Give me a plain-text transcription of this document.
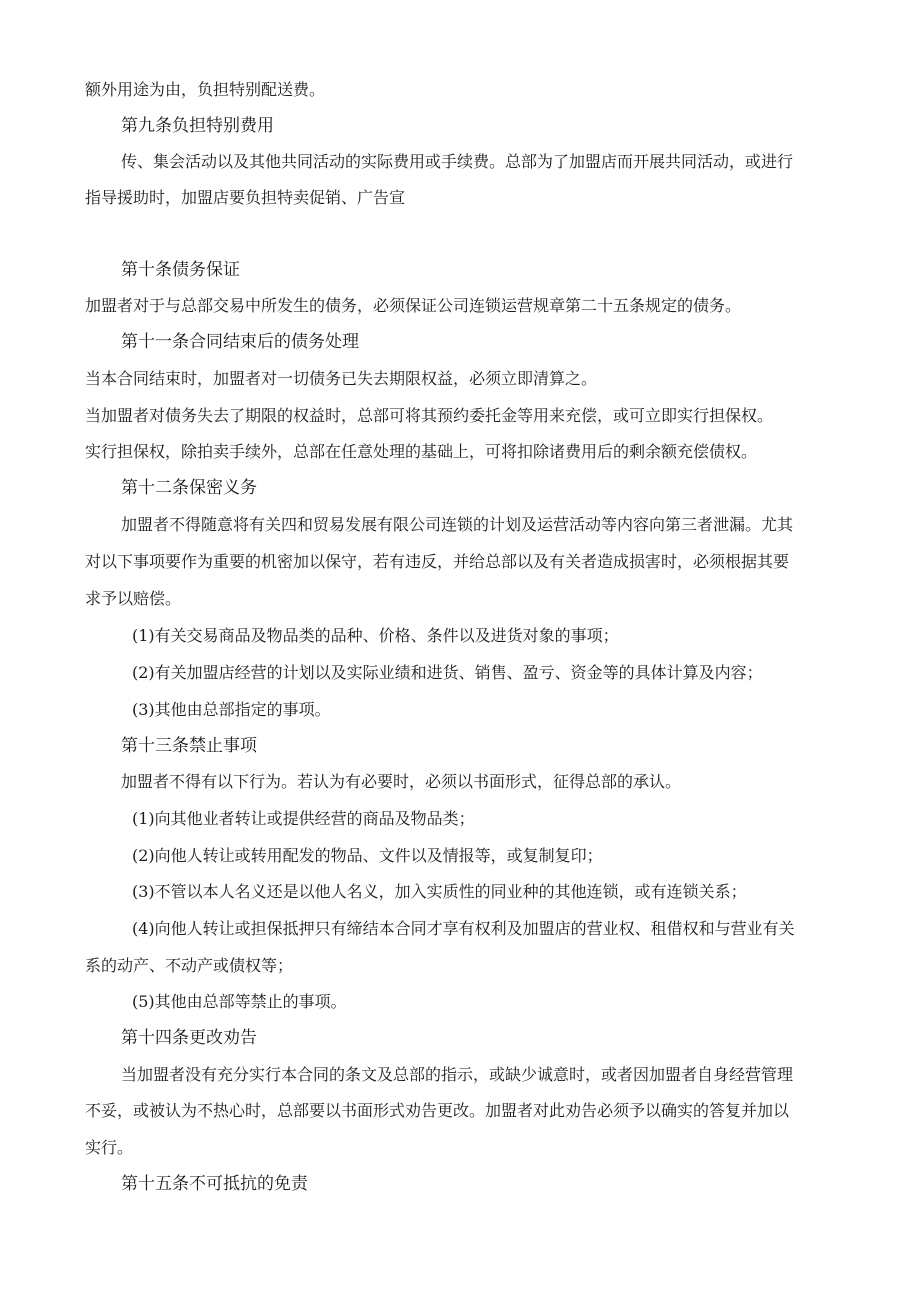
额外用途为由，负担特别配送费。

第九条负担特别费用

传、集会活动以及其他共同活动的实际费用或手续费。总部为了加盟店而开展共同活动，或进行

指导援助时，加盟店要负担特卖促销、广告宣

第十条债务保证

加盟者对于与总部交易中所发生的债务，必须保证公司连锁运营规章第二十五条规定的债务。

第十一条合同结束后的债务处理

当本合同结束时，加盟者对一切债务已失去期限权益，必须立即清算之。

当加盟者对债务失去了期限的权益时，总部可将其预约委托金等用来充偿，或可立即实行担保权。

实行担保权，除拍卖手续外，总部在任意处理的基础上，可将扣除诸费用后的剩余额充偿债权。

第十二条保密义务

加盟者不得随意将有关四和贸易发展有限公司连锁的计划及运营活动等内容向第三者泄漏。尤其

对以下事项要作为重要的机密加以保守，若有违反，并给总部以及有关者造成损害时，必须根据其要

求予以赔偿。

(1)有关交易商品及物品类的品种、价格、条件以及进货对象的事项；

(2)有关加盟店经营的计划以及实际业绩和进货、销售、盈亏、资金等的具体计算及内容；

(3)其他由总部指定的事项。

第十三条禁止事项

加盟者不得有以下行为。若认为有必要时，必须以书面形式，征得总部的承认。

(1)向其他业者转让或提供经营的商品及物品类；

(2)向他人转让或转用配发的物品、文件以及情报等，或复制复印；

(3)不管以本人名义还是以他人名义，加入实质性的同业种的其他连锁，或有连锁关系；

(4)向他人转让或担保抵押只有缔结本合同才享有权利及加盟店的营业权、租借权和与营业有关

系的动产、不动产或债权等；

(5)其他由总部等禁止的事项。

第十四条更改劝告

当加盟者没有充分实行本合同的条文及总部的指示，或缺少诚意时，或者因加盟者自身经营管理

不妥，或被认为不热心时，总部要以书面形式劝告更改。加盟者对此劝告必须予以确实的答复并加以

实行。

第十五条不可抵抗的免责
